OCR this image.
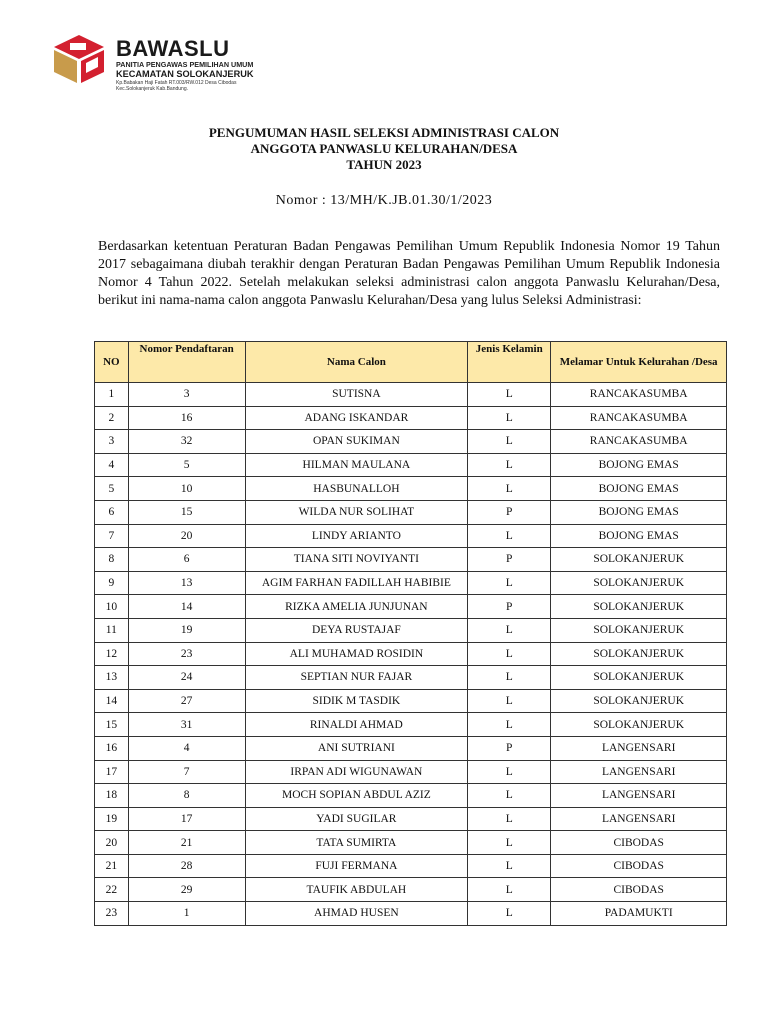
BAWASLU
PANITIA PENGAWAS PEMILIHAN UMUM
KECAMATAN SOLOKANJERUK
Kp.Babakan Haji Fatah RT.003/RW.012 Desa Cibodas
Kec.Solokanjeruk Kab.Bandung.
PENGUMUMAN HASIL SELEKSI ADMINISTRASI CALON
ANGGOTA PANWASLU KELURAHAN/DESA
TAHUN 2023
Nomor : 13/MH/K.JB.01.30/1/2023
Berdasarkan ketentuan Peraturan Badan Pengawas Pemilihan Umum Republik Indonesia Nomor 19 Tahun 2017 sebagaimana diubah terakhir dengan Peraturan Badan Pengawas Pemilihan Umum Republik Indonesia Nomor 4 Tahun 2022. Setelah melakukan seleksi administrasi calon anggota Panwaslu Kelurahan/Desa, berikut ini nama-nama calon anggota Panwaslu Kelurahan/Desa yang lulus Seleksi Administrasi:
NO	Nomor Pendaftaran	Nama Calon	Jenis Kelamin	Melamar Untuk Kelurahan /Desa
1	3	SUTISNA	L	RANCAKASUMBA
2	16	ADANG ISKANDAR	L	RANCAKASUMBA
3	32	OPAN SUKIMAN	L	RANCAKASUMBA
4	5	HILMAN MAULANA	L	BOJONG EMAS
5	10	HASBUNALLOH	L	BOJONG EMAS
6	15	WILDA NUR SOLIHAT	P	BOJONG EMAS
7	20	LINDY ARIANTO	L	BOJONG EMAS
8	6	TIANA SITI NOVIYANTI	P	SOLOKANJERUK
9	13	AGIM FARHAN FADILLAH HABIBIE	L	SOLOKANJERUK
10	14	RIZKA AMELIA JUNJUNAN	P	SOLOKANJERUK
11	19	DEYA RUSTAJAF	L	SOLOKANJERUK
12	23	ALI MUHAMAD ROSIDIN	L	SOLOKANJERUK
13	24	SEPTIAN NUR FAJAR	L	SOLOKANJERUK
14	27	SIDIK M TASDIK	L	SOLOKANJERUK
15	31	RINALDI AHMAD	L	SOLOKANJERUK
16	4	ANI SUTRIANI	P	LANGENSARI
17	7	IRPAN ADI WIGUNAWAN	L	LANGENSARI
18	8	MOCH SOPIAN ABDUL AZIZ	L	LANGENSARI
19	17	YADI SUGILAR	L	LANGENSARI
20	21	TATA SUMIRTA	L	CIBODAS
21	28	FUJI FERMANA	L	CIBODAS
22	29	TAUFIK ABDULAH	L	CIBODAS
23	1	AHMAD HUSEN	L	PADAMUKTI
